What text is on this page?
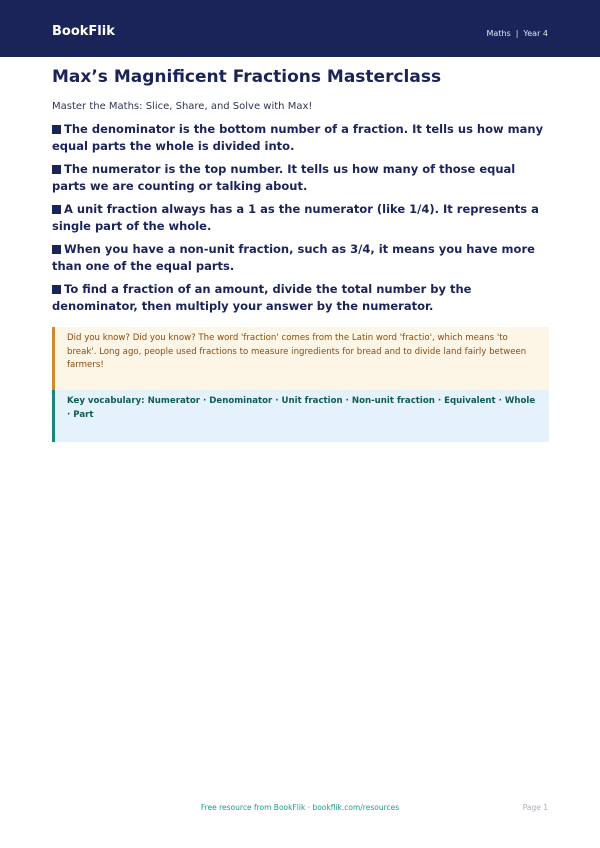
BookFlik	Maths | Year 4
Max’s Magnificent Fractions Masterclass

Master the Maths: Slice, Share, and Solve with Max!

The denominator is the bottom number of a fraction. It tells us how many equal parts the whole is divided into.
The numerator is the top number. It tells us how many of those equal parts we are counting or talking about.
A unit fraction always has a 1 as the numerator (like 1/4). It represents a single part of the whole.
When you have a non-unit fraction, such as 3/4, it means you have more than one of the equal parts.
To find a fraction of an amount, divide the total number by the denominator, then multiply your answer by the numerator.
Did you know? Did you know? The word 'fraction' comes from the Latin word 'fractio', which means 'to break'. Long ago, people used fractions to measure ingredients for bread and to divide land fairly between farmers!
Key vocabulary: Numerator · Denominator · Unit fraction · Non-unit fraction · Equivalent · Whole · Part
Free resource from BookFlik · bookflik.com/resources	Page 1
